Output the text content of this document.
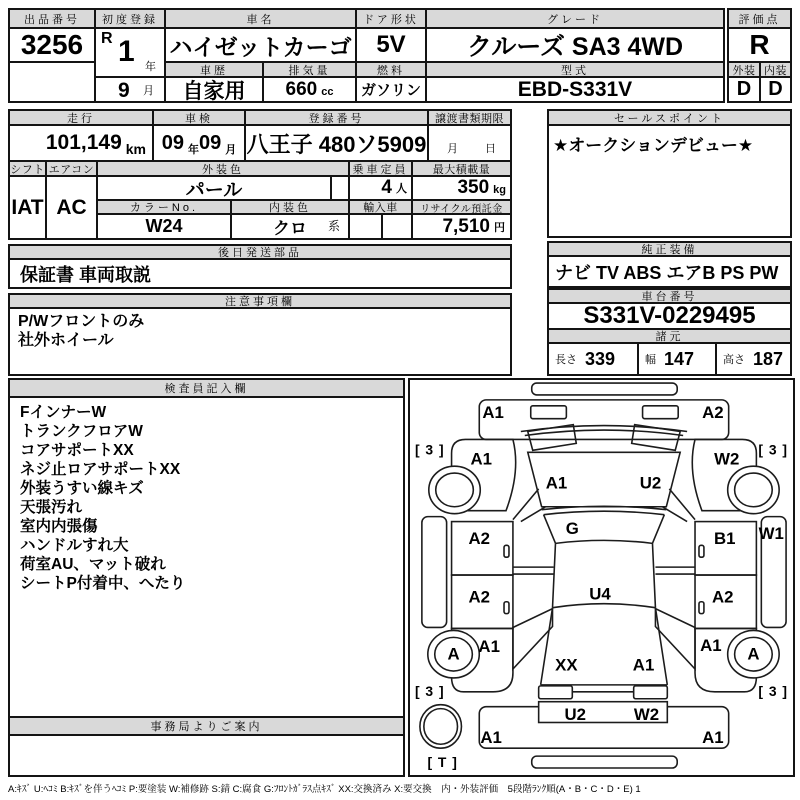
出品番号
3256
初度登録
R 1 年
9 月
車名
ハイゼットカーゴ
車歴
自家用
排気量
660 cc
ドア形状
5V
燃料
ガソリン
グレード
クルーズ SA3 4WD
型式
EBD-S331V
評価点
R
外装 内装
D D
走行
101,149 km
車検
09 年 09 月
登録番号
八王子 480ソ5909
譲渡書類期限
月 日
セールスポイント
★オークションデビュー★
シフト
IAT
エアコン
AC
外装色
パール
乗車定員
4 人
最大積載量
350 kg
カラーNo.
W24
内装色
クロ 系
輸入車	リサイクル預託金
7,510 円
後日発送部品
保証書 車両取説
純正装備
ナビ TV ABS エアB PS PW
注意事項欄
P/Wフロントのみ
社外ホイール
車台番号
S331V-0229495
諸元
長さ 339	幅 147	高さ 187
検査員記入欄
FインナーW
トランクフロアW
コアサポートXX
ネジ止ロアサポートXX
外装うすい線キズ
天張汚れ
室内内張傷
ハンドルすれ大
荷室AU、マット破れ
シートP付着中、へたり
事務局よりご案内
A1	A2
[ 3 ]
A1	W2
[ 3 ]
A1	U2
G
A2	B1 W1
A2	U4	A2
A1
A	A1 A
XX	A1
[ 3 ]	[ 3 ]
U2	W2
A1	A1
[ T ]
A:ｷｽﾞ U:ﾍｺﾐ B:ｷｽﾞを伴うﾍｺﾐ P:要塗装 W:補修跡 S:錆 C:腐食 G:ﾌﾛﾝﾄｶﾞﾗｽ点ｷｽﾞ XX:交換済み X:要交換　内・外装評価　5段階ﾗﾝｸ順(A・B・C・D・E) 1
